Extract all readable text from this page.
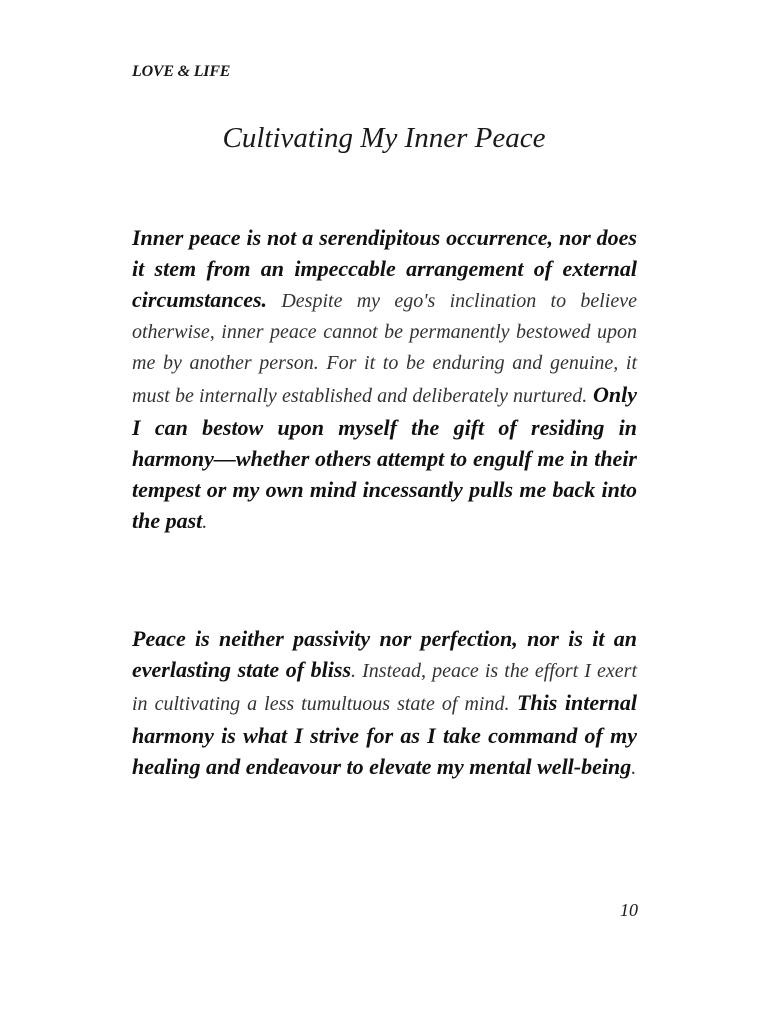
LOVE & LIFE
Cultivating My Inner Peace
Inner peace is not a serendipitous occurrence, nor does it stem from an impeccable arrangement of external circumstances. Despite my ego's inclination to believe otherwise, inner peace cannot be permanently bestowed upon me by another person. For it to be enduring and genuine, it must be internally established and deliberately nurtured. Only I can bestow upon myself the gift of residing in harmony—whether others attempt to engulf me in their tempest or my own mind incessantly pulls me back into the past.
Peace is neither passivity nor perfection, nor is it an everlasting state of bliss. Instead, peace is the effort I exert in cultivating a less tumultuous state of mind. This internal harmony is what I strive for as I take command of my healing and endeavour to elevate my mental well-being.
10
